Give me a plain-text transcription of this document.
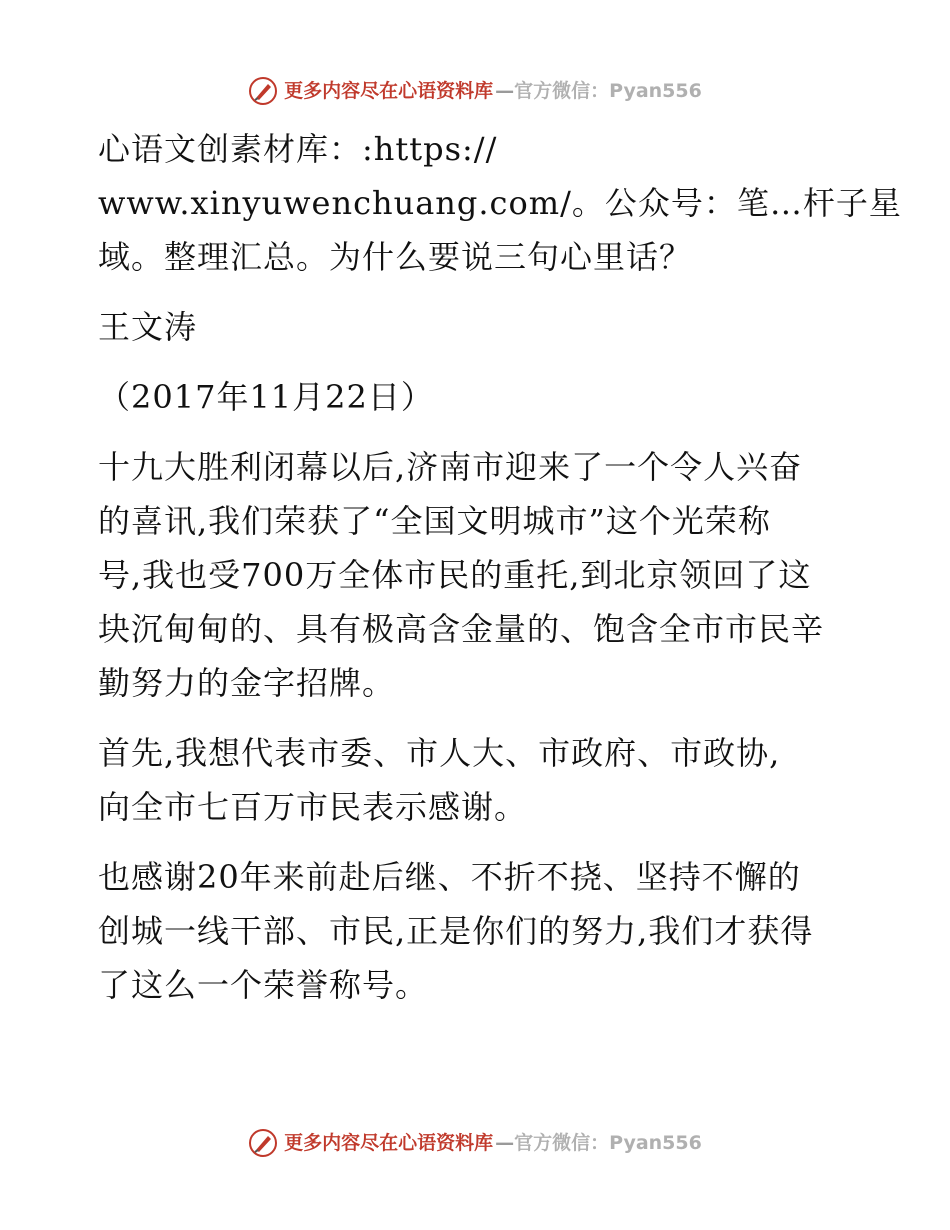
更多内容尽在心语资料库 — 官方微信：Pyan556

心语文创素材库：:https://
www.xinyuwenchuang.com/。公众号：笔…杆子星
域。整理汇总。为什么要说三句心里话？

王文涛

（2017年11月22日）

十九大胜利闭幕以后,济南市迎来了一个令人兴奋
的喜讯,我们荣获了“全国文明城市”这个光荣称
号,我也受700万全体市民的重托,到北京领回了这
块沉甸甸的、具有极高含金量的、饱含全市市民辛
勤努力的金字招牌。

首先,我想代表市委、市人大、市政府、市政协,
向全市七百万市民表示感谢。

也感谢20年来前赴后继、不折不挠、坚持不懈的
创城一线干部、市民,正是你们的努力,我们才获得
了这么一个荣誉称号。

更多内容尽在心语资料库 — 官方微信：Pyan556
